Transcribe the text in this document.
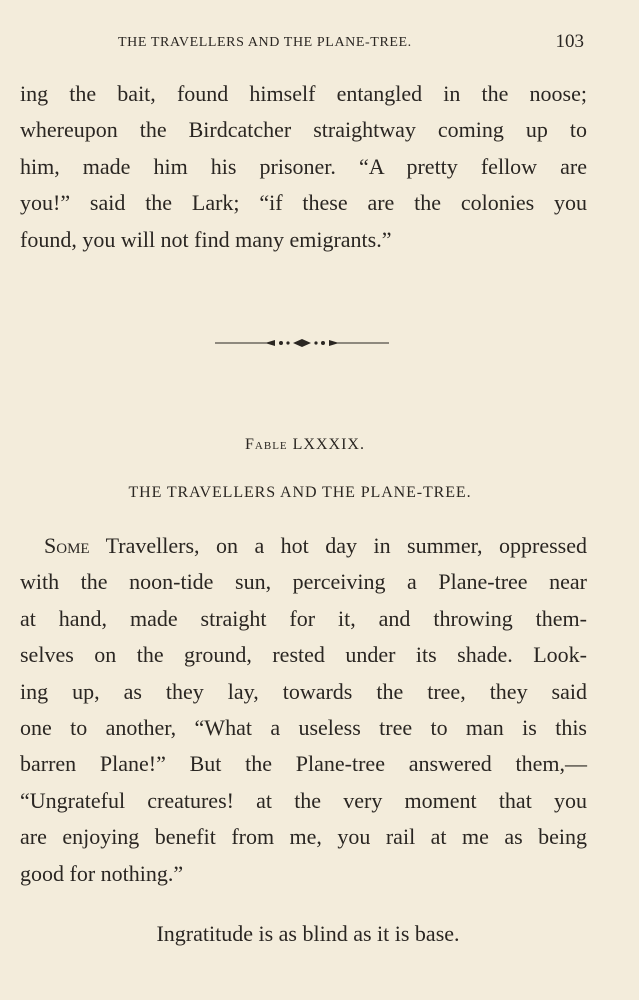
THE TRAVELLERS AND THE PLANE-TREE.	103
ing the bait, found himself entangled in the noose;
whereupon the Birdcatcher straightway coming up to
him, made him his prisoner. “A pretty fellow are
you!” said the Lark; “if these are the colonies you
found, you will not find many emigrants.”
Fable LXXXIX.
THE TRAVELLERS AND THE PLANE-TREE.
Some Travellers, on a hot day in summer, oppressed
with the noon-tide sun, perceiving a Plane-tree near
at hand, made straight for it, and throwing them-
selves on the ground, rested under its shade. Look-
ing up, as they lay, towards the tree, they said
one to another, “What a useless tree to man is this
barren Plane!” But the Plane-tree answered them,—
“Ungrateful creatures! at the very moment that you
are enjoying benefit from me, you rail at me as being
good for nothing.”
Ingratitude is as blind as it is base.
